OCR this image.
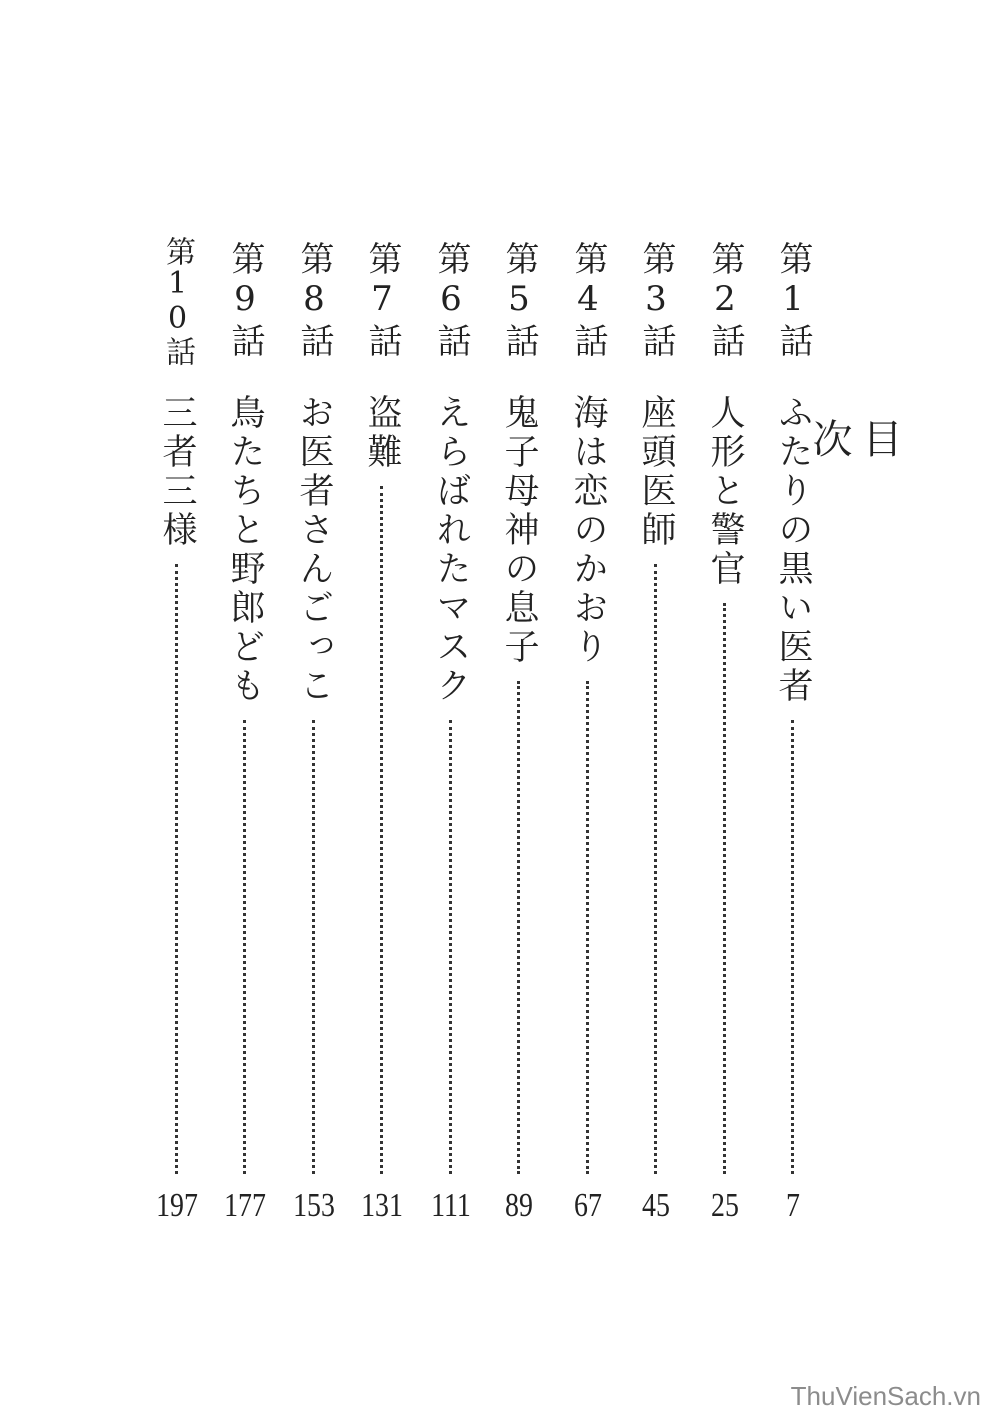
目 次
第1話
ふたりの黒い医者
7
第2話
人形と警官
25
第3話
座頭医師
45
第4話
海は恋のかおり
67
第5話
鬼子母神の息子
89
第6話
えらばれたマスク
111
第7話
盗難
131
第8話
お医者さんごっこ
153
第9話
鳥たちと野郎ども
177
第10話
三者三様
197
ThuVienSach.vn
